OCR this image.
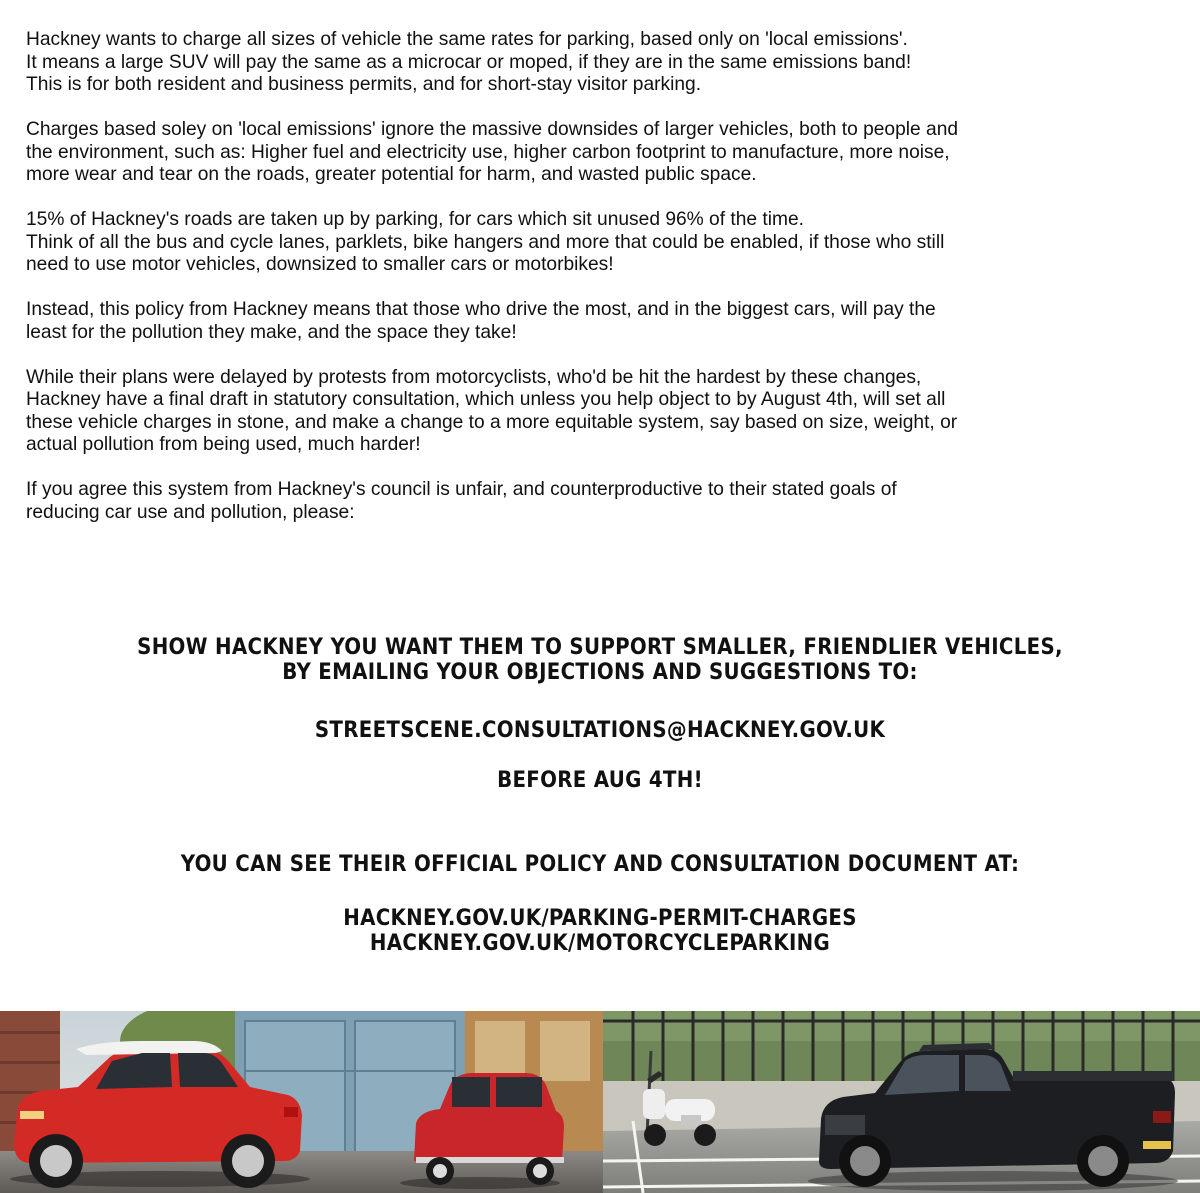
Hackney wants to charge all sizes of vehicle the same rates for parking, based only on 'local emissions'.
It means a large SUV will pay the same as a microcar or moped, if they are in the same emissions band!
This is for both resident and business permits, and for short-stay visitor parking.

Charges based soley on 'local emissions' ignore the massive downsides of larger vehicles, both to people and
the environment, such as: Higher fuel and electricity use, higher carbon footprint to manufacture, more noise,
more wear and tear on the roads, greater potential for harm, and wasted public space.

15% of Hackney's roads are taken up by parking, for cars which sit unused 96% of the time.
Think of all the bus and cycle lanes, parklets, bike hangers and more that could be enabled, if those who still
need to use motor vehicles, downsized to smaller cars or motorbikes!

Instead, this policy from Hackney means that those who drive the most, and in the biggest cars, will pay the
least for the pollution they make, and the space they take!

While their plans were delayed by protests from motorcyclists, who'd be hit the hardest by these changes,
Hackney have a final draft in statutory consultation, which unless you help object to by August 4th, will set all
these vehicle charges in stone, and make a change to a more equitable system, say based on size, weight, or
actual pollution from being used, much harder!

If you agree this system from Hackney's council is unfair, and counterproductive to their stated goals of
reducing car use and pollution, please:

SHOW HACKNEY YOU WANT THEM TO SUPPORT SMALLER, FRIENDLIER VEHICLES,
BY EMAILING YOUR OBJECTIONS AND SUGGESTIONS TO:
STREETSCENE.CONSULTATIONS@HACKNEY.GOV.UK
BEFORE AUG 4TH!
YOU CAN SEE THEIR OFFICIAL POLICY AND CONSULTATION DOCUMENT AT:
HACKNEY.GOV.UK/PARKING-PERMIT-CHARGES
HACKNEY.GOV.UK/MOTORCYCLEPARKING
